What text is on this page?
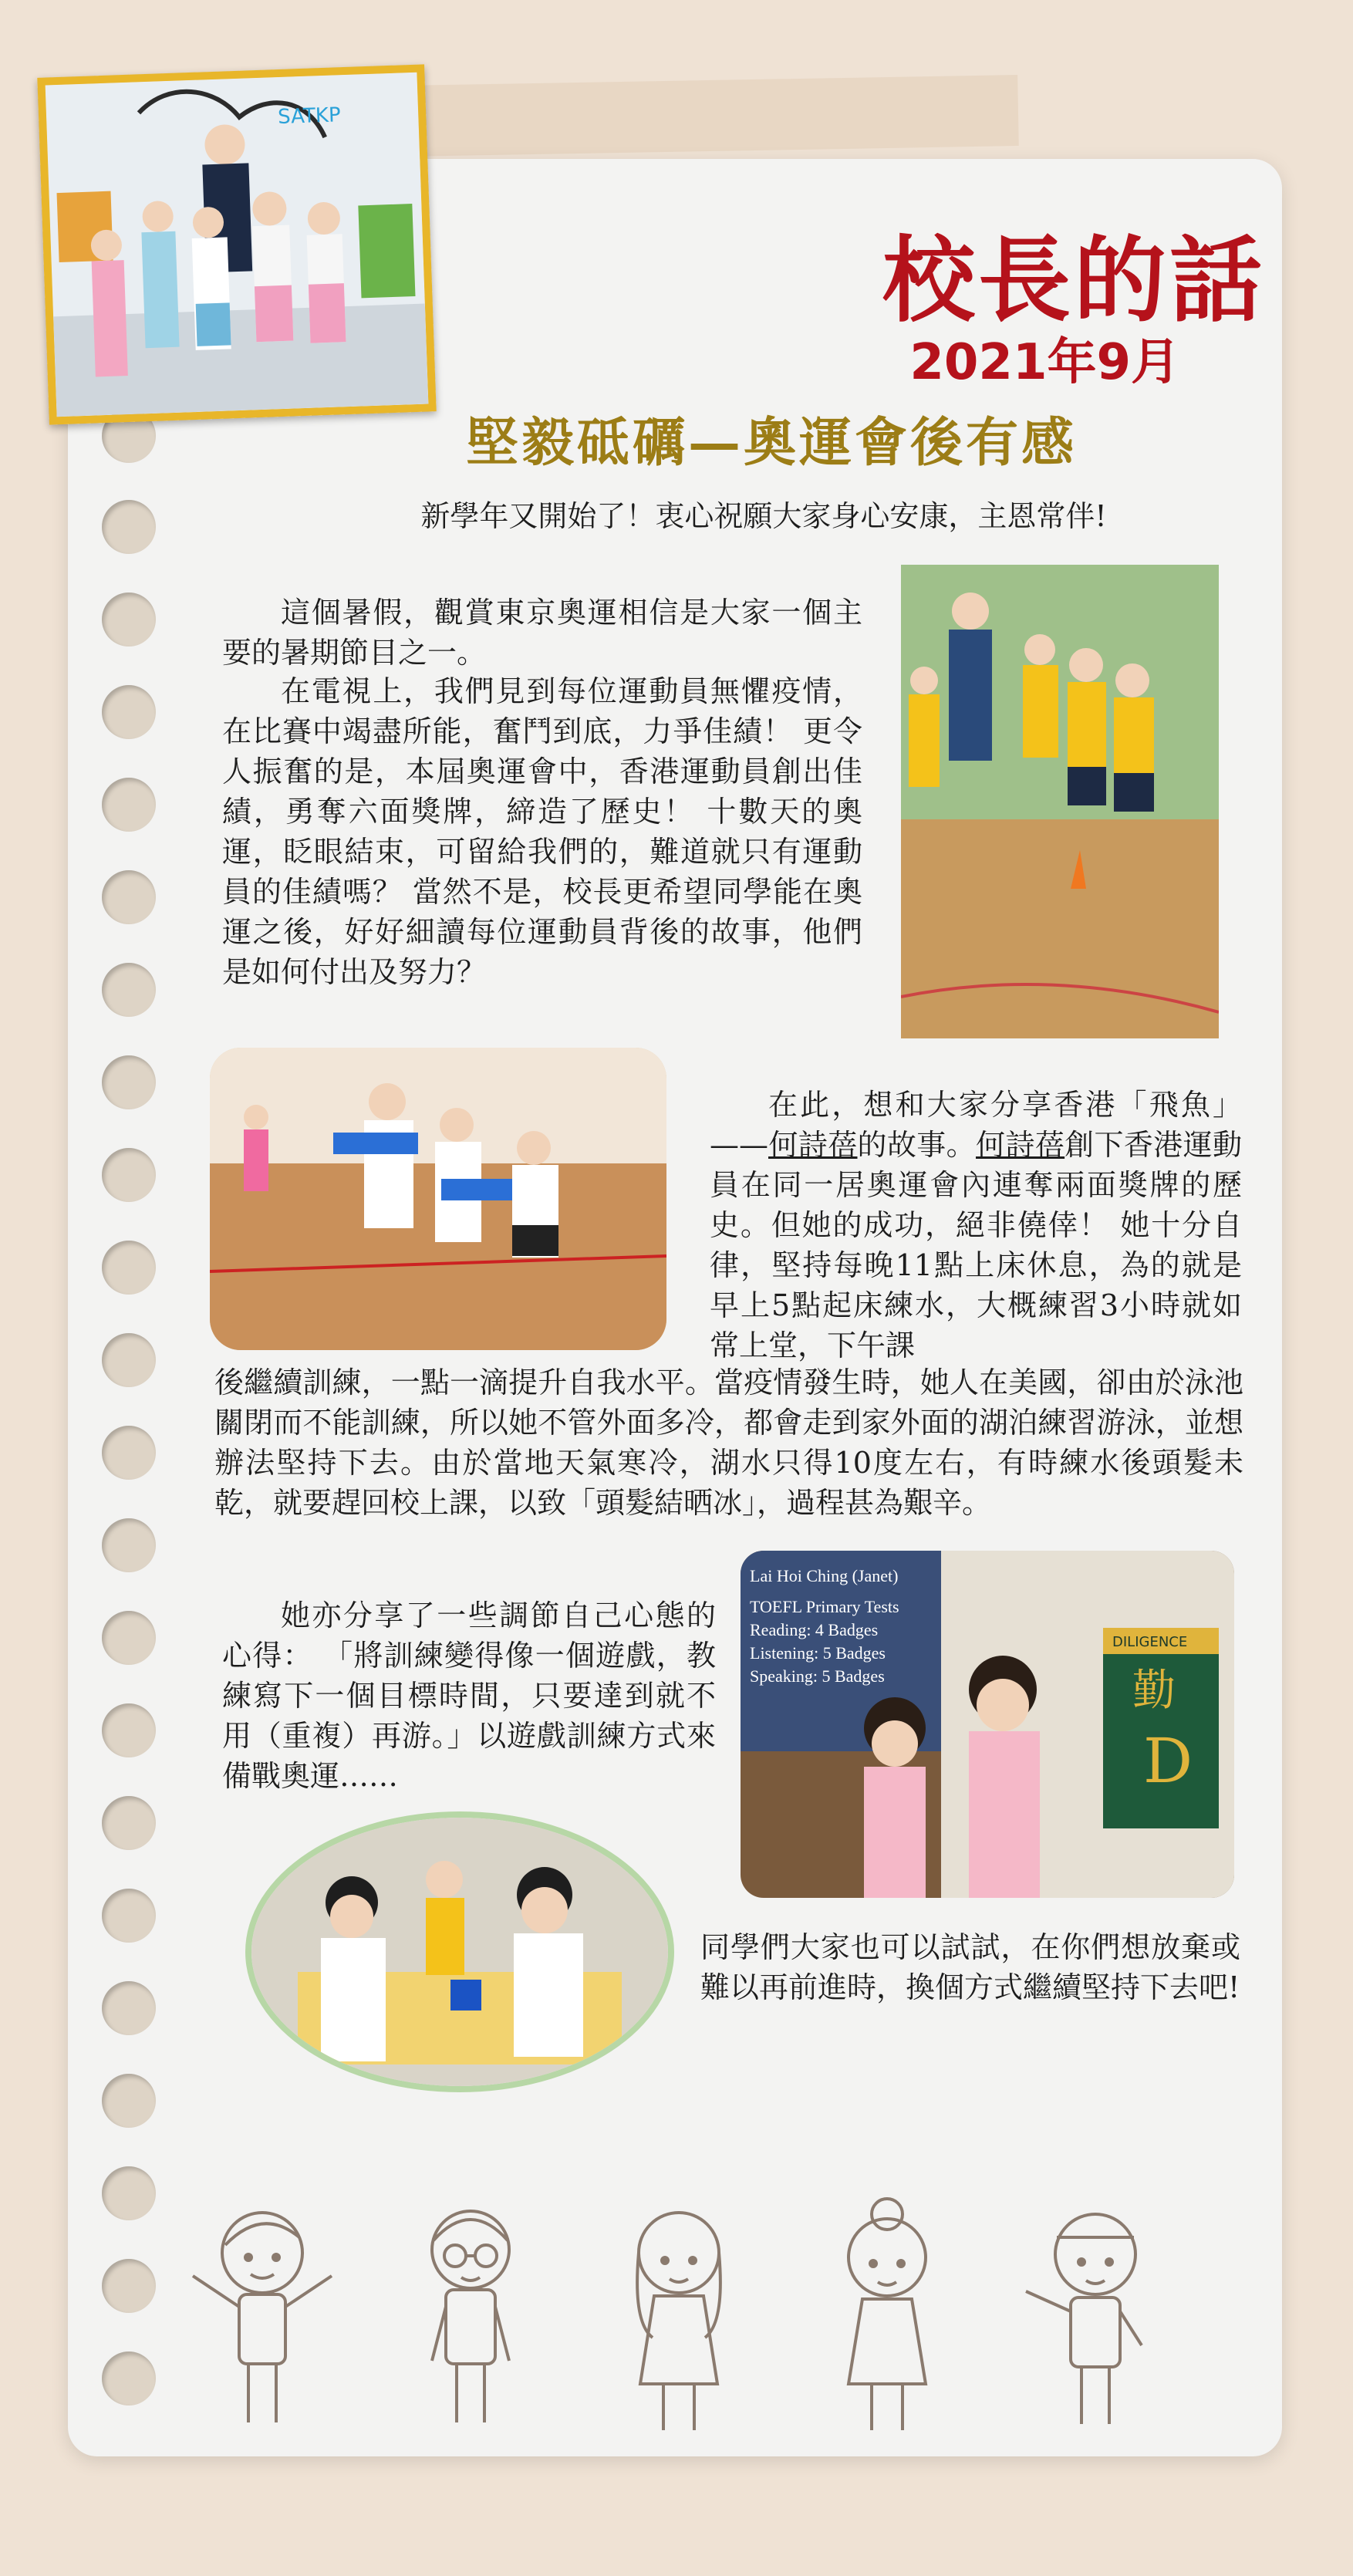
SATKP
校長的話
2021年9月
堅毅砥礪—奧運會後有感
新學年又開始了！衷心祝願大家身心安康，主恩常伴!

這個暑假，觀賞東京奧運相信是大家一個主要的暑期節目之一。

在電視上，我們見到每位運動員無懼疫情，在比賽中竭盡所能，奮鬥到底，力爭佳績！ 更令人振奮的是，本屆奧運會中，香港運動員創出佳績，勇奪六面獎牌，締造了歷史！ 十數天的奧運，眨眼結束，可留給我們的，難道就只有運動員的佳績嗎？ 當然不是，校長更希望同學能在奧運之後，好好細讀每位運動員背後的故事，他們是如何付出及努力？

在此，想和大家分享香港「飛魚」——何詩蓓的故事。何詩蓓創下香港運動員在同一居奧運會內連奪兩面獎牌的歷史。但她的成功，絕非僥倖！ 她十分自律，堅持每晚11點上床休息，為的就是早上5點起床練水，大概練習3小時就如常上堂，下午課

後繼續訓練，一點一滴提升自我水平。當疫情發生時，她人在美國，卻由於泳池關閉而不能訓練，所以她不管外面多冷，都會走到家外面的湖泊練習游泳，並想辦法堅持下去。由於當地天氣寒冷，湖水只得10度左右，有時練水後頭髮未乾，就要趕回校上課，以致「頭髮結晒冰」，過程甚為艱辛。

她亦分享了一些調節自己心態的心得： 「將訓練變得像一個遊戲，教練寫下一個目標時間，只要達到就不用（重複）再游。」以遊戲訓練方式來備戰奧運……

Lai Hoi Ching (Janet)
TOEFL Primary Tests
Reading: 4 Badges
Listening: 5 Badges
Speaking: 5 Badges
DILIGENCE
勤
D

同學們大家也可以試試，在你們想放棄或難以再前進時，換個方式繼續堅持下去吧!
